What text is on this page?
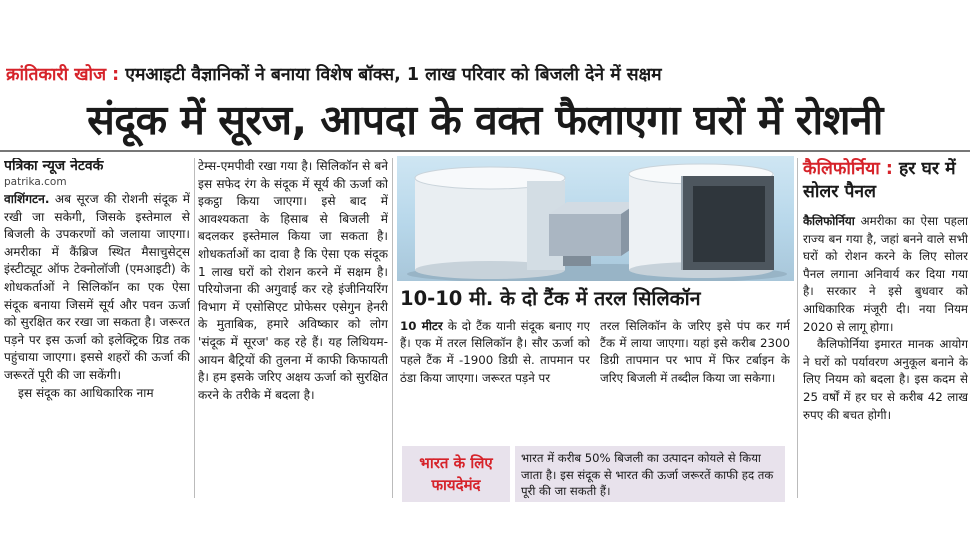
क्रांतिकारी खोज : एमआइटी वैज्ञानिकों ने बनाया विशेष बॉक्स, 1 लाख परिवार को बिजली देने में सक्षम
संदूक में सूरज, आपदा के वक्त फैलाएगा घरों में रोशनी
पत्रिका न्यूज नेटवर्क
patrika.com

वाशिंगटन. अब सूरज की रोशनी संदूक में रखी जा सकेगी, जिसके इस्तेमाल से बिजली के उपकरणों को जलाया जाएगा। अमरीका में कैंब्रिज स्थित मैसाचुसेट्स इंस्टीट्यूट ऑफ टेक्नोलॉजी (एमआइटी) के शोधकर्ताओं ने सिलिकॉन का एक ऐसा संदूक बनाया जिसमें सूर्य और पवन ऊर्जा को सुरक्षित कर रखा जा सकता है। जरूरत पड़ने पर इस ऊर्जा को इलेक्ट्रिक ग्रिड तक पहुंचाया जाएगा। इससे शहरों की ऊर्जा की जरूरतें पूरी की जा सकेंगी।

इस संदूक का आधिकारिक नाम

टेम्स-एमपीवी रखा गया है। सिलिकॉन से बने इस सफेद रंग के संदूक में सूर्य की ऊर्जा को इकट्ठा किया जाएगा। इसे बाद में आवश्यकता के हिसाब से बिजली में बदलकर इस्तेमाल किया जा सकता है। शोधकर्ताओं का दावा है कि ऐसा एक संदूक 1 लाख घरों को रोशन करने में सक्षम है। परियोजना की अगुवाई कर रहे इंजीनियरिंग विभाग में एसोसिएट प्रोफेसर एसेगुन हेनरी के मुताबिक, हमारे अविष्कार को लोग 'संदूक में सूरज' कह रहे हैं। यह लिथियम-आयन बैट्रियों की तुलना में काफी किफायती है। हम इसके जरिए अक्षय ऊर्जा को सुरक्षित करने के तरीके में बदला है।

10-10 मी. के दो टैंक में तरल सिलिकॉन

10 मीटर के दो टैंक यानी संदूक बनाए गए हैं। एक में तरल सिलिकॉन है। सौर ऊर्जा को पहले टैंक में -1900 डिग्री से. तापमान पर ठंडा किया जाएगा। जरूरत पड़ने पर

तरल सिलिकॉन के जरिए इसे पंप कर गर्म टैंक में लाया जाएगा। यहां इसे करीब 2300 डिग्री तापमान पर भाप में फिर टर्बाइन के जरिए बिजली में तब्दील किया जा सकेगा।

भारत के लिए
फायदेमंद
भारत में करीब 50% बिजली का उत्पादन कोयले से किया जाता है। इस संदूक से भारत की ऊर्जा जरूरतें काफी हद तक पूरी की जा सकती हैं।
कैलिफोर्निया : हर घर में सोलर पैनल

कैलिफोर्निया अमरीका का ऐसा पहला राज्य बन गया है, जहां बनने वाले सभी घरों को रोशन करने के लिए सोलर पैनल लगाना अनिवार्य कर दिया गया है। सरकार ने इसे बुधवार को आधिकारिक मंजूरी दी। नया नियम 2020 से लागू होगा।

कैलिफोर्निया इमारत मानक आयोग ने घरों को पर्यावरण अनुकूल बनाने के लिए नियम को बदला है। इस कदम से 25 वर्षों में हर घर से करीब 42 लाख रुपए की बचत होगी।
